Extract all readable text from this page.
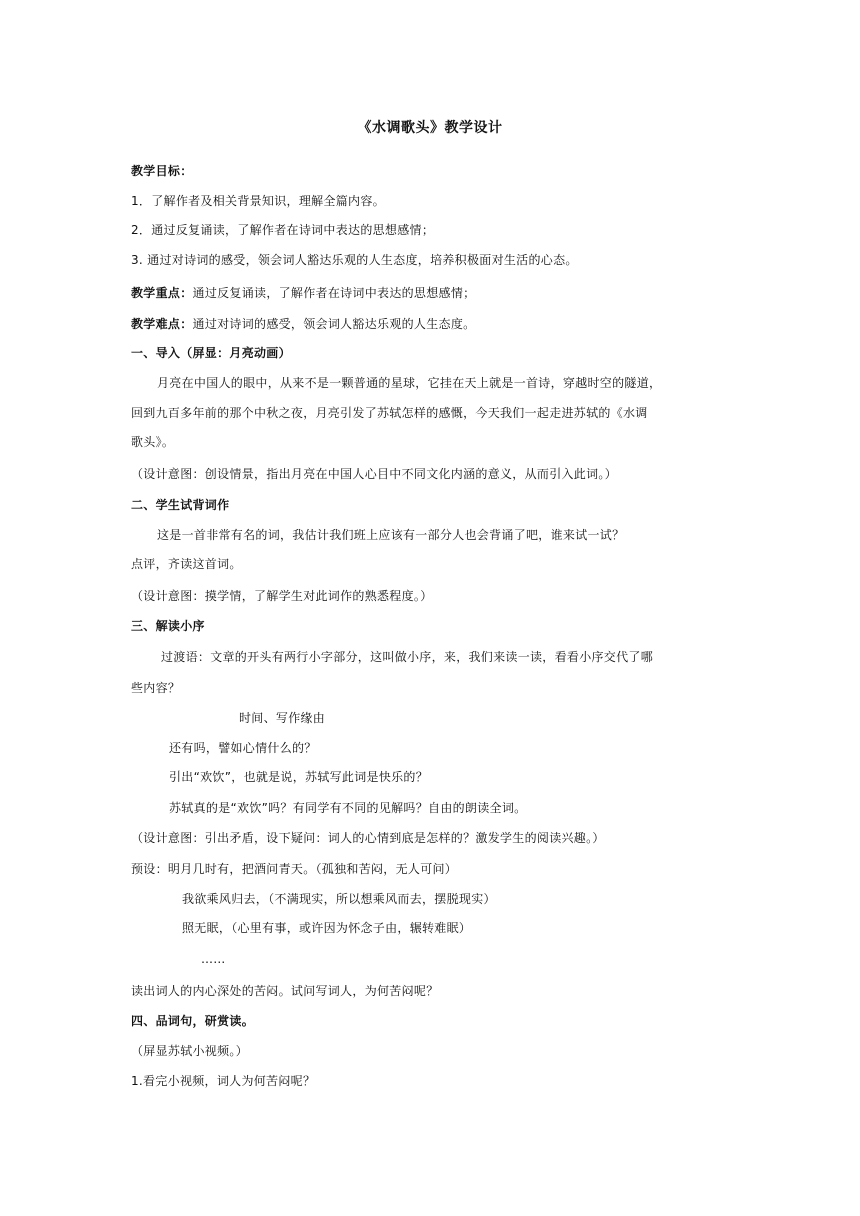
《水调歌头》教学设计
教学目标：
1．了解作者及相关背景知识，理解全篇内容。
2．通过反复诵读，了解作者在诗词中表达的思想感情；
3. 通过对诗词的感受，领会词人豁达乐观的人生态度，培养积极面对生活的心态。
教学重点：通过反复诵读，了解作者在诗词中表达的思想感情；
教学难点：通过对诗词的感受，领会词人豁达乐观的人生态度。
一、导入（屏显：月亮动画）
月亮在中国人的眼中，从来不是一颗普通的星球，它挂在天上就是一首诗，穿越时空的隧道，
回到九百多年前的那个中秋之夜，月亮引发了苏轼怎样的感慨，今天我们一起走进苏轼的《水调
歌头》。
（设计意图：创设情景，指出月亮在中国人心目中不同文化内涵的意义，从而引入此词。）
二、学生试背词作
这是一首非常有名的词，我估计我们班上应该有一部分人也会背诵了吧，谁来试一试？
点评，齐读这首词。
（设计意图：摸学情，了解学生对此词作的熟悉程度。）
三、解读小序
过渡语：文章的开头有两行小字部分，这叫做小序，来，我们来读一读，看看小序交代了哪
些内容？
时间、写作缘由
还有吗，譬如心情什么的？
引出“欢饮”，也就是说，苏轼写此词是快乐的？
苏轼真的是“欢饮”吗？有同学有不同的见解吗？自由的朗读全词。
（设计意图：引出矛盾，设下疑问：词人的心情到底是怎样的？激发学生的阅读兴趣。）
预设：明月几时有，把酒问青天。（孤独和苦闷，无人可问）
我欲乘风归去，（不满现实，所以想乘风而去，摆脱现实）
照无眠，（心里有事，或许因为怀念子由，辗转难眠）
……
读出词人的内心深处的苦闷。试问写词人，为何苦闷呢？
四、品词句，研赏读。
（屏显苏轼小视频。）
1.看完小视频，词人为何苦闷呢？
